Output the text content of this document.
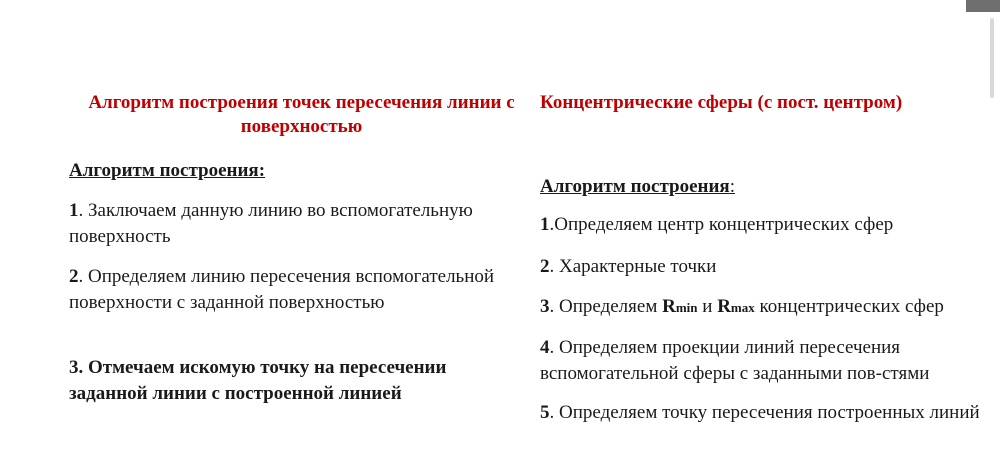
Алгоритм построения точек пересечения линии с поверхностью
Алгоритм построения:

1. Заключаем данную линию во вспомогательную поверхность

2. Определяем линию пересечения вспомогательной поверхности с заданной поверхностью

3. Отмечаем искомую точку на пересечении заданной линии с построенной линией

Концентрические сферы (с пост. центром)
Алгоритм построения:

1.Определяем центр концентрических сфер

2. Характерные точки

3. Определяем Rmin и Rmax концентрических сфер

4. Определяем проекции линий пересечения вспомогательной сферы с заданными пов-стями

5. Определяем точку пересечения построенных линий
